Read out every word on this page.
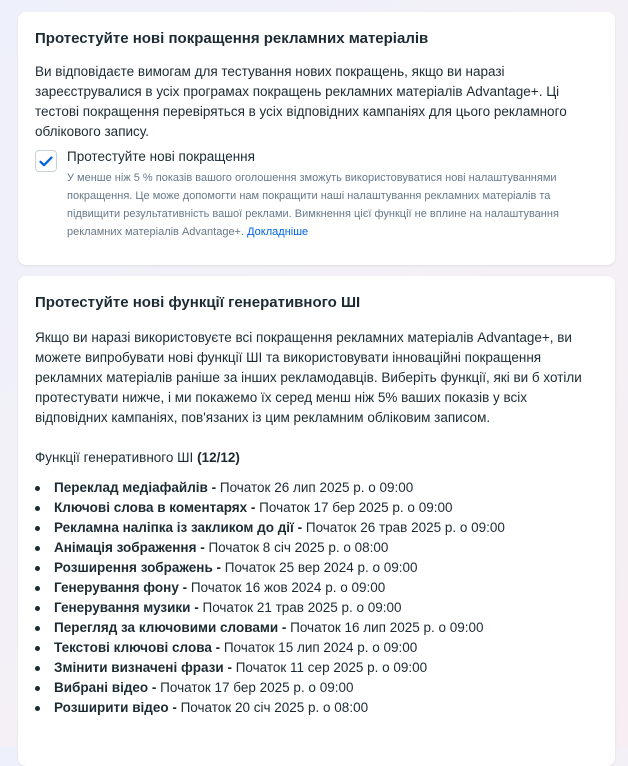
Протестуйте нові покращення рекламних матеріалів

Ви відповідаєте вимогам для тестування нових покращень, якщо ви наразі зареєструвалися в усіх програмах покращень рекламних матеріалів Advantage+. Ці тестові покращення перевіряться в усіх відповідних кампаніях для цього рекламного облікового запису.

Протестуйте нові покращення
У менше ніж 5 % показів вашого оголошення зможуть використовуватися нові налаштуваннями покращення. Це може допомогти нам покращити наші налаштування рекламних матеріалів та підвищити результативність вашої реклами. Вимкнення цієї функції не вплине на налаштування рекламних матеріалів Advantage+. Докладніше
Протестуйте нові функції генеративного ШІ

Якщо ви наразі використовуєте всі покращення рекламних матеріалів Advantage+, ви можете випробувати нові функції ШІ та використовувати інноваційні покращення рекламних матеріалів раніше за інших рекламодавців. Виберіть функції, які ви б хотіли протестувати нижче, і ми покажемо їх серед менш ніж 5% ваших показів у всіх відповідних кампаніях, пов'язаних із цим рекламним обліковим записом.

Функції генеративного ШІ (12/12)
Переклад медіафайлів - Початок 26 лип 2025 р. о 09:00
Ключові слова в коментарях - Початок 17 бер 2025 р. о 09:00
Рекламна наліпка із закликом до дії - Початок 26 трав 2025 р. о 09:00
Анімація зображення - Початок 8 січ 2025 р. о 08:00
Розширення зображень - Початок 25 вер 2024 р. о 09:00
Генерування фону - Початок 16 жов 2024 р. о 09:00
Генерування музики - Початок 21 трав 2025 р. о 09:00
Перегляд за ключовими словами - Початок 16 лип 2025 р. о 09:00
Текстові ключові слова - Початок 15 лип 2024 р. о 09:00
Змінити визначені фрази - Початок 11 сер 2025 р. о 09:00
Вибрані відео - Початок 17 бер 2025 р. о 09:00
Розширити відео - Початок 20 січ 2025 р. о 08:00
